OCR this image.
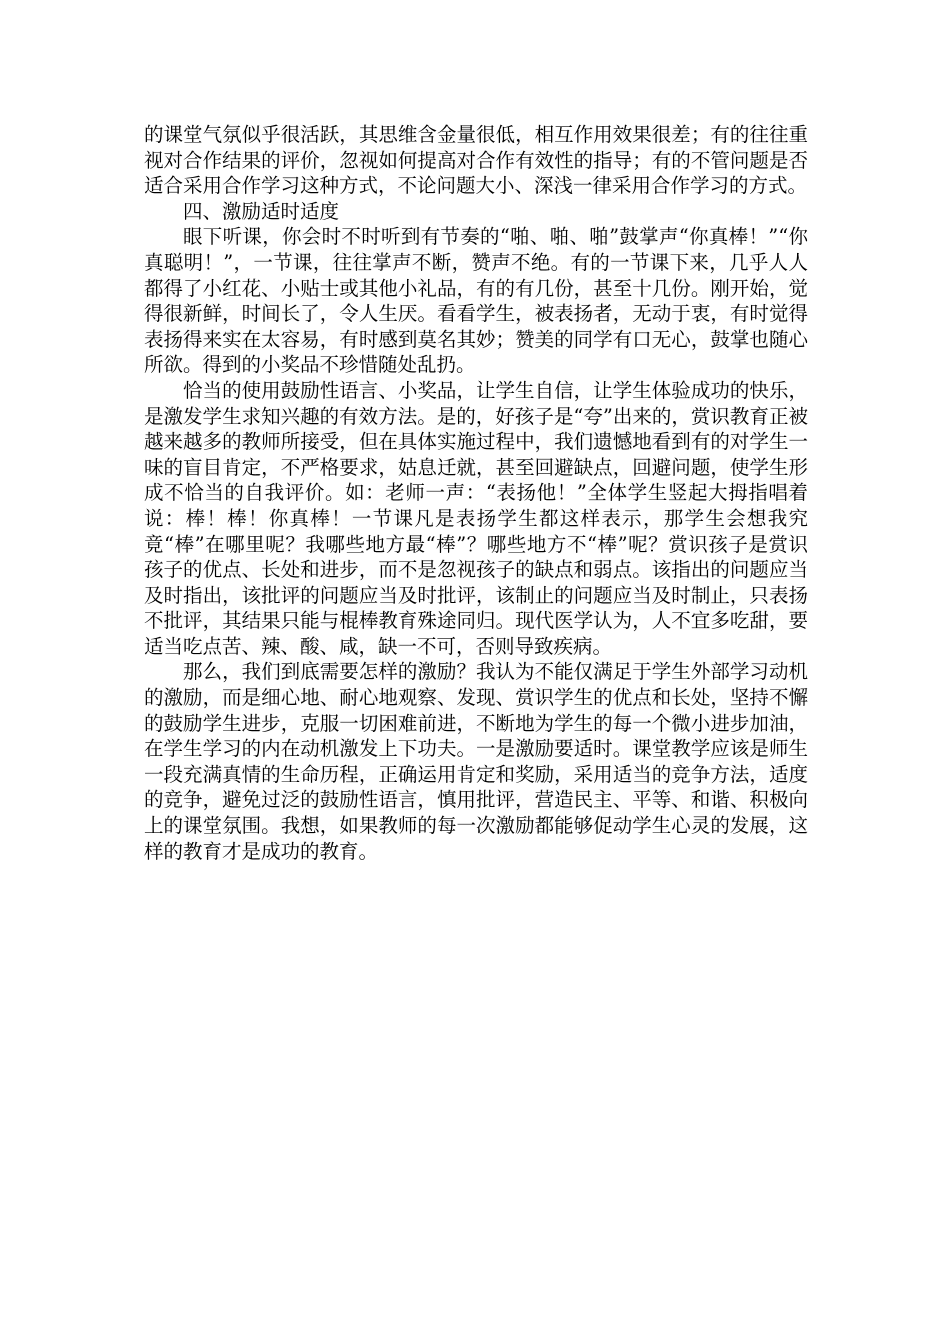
的课堂气氛似乎很活跃，其思维含金量很低，相互作用效果很差；有的往往重视对合作结果的评价，忽视如何提高对合作有效性的指导；有的不管问题是否适合采用合作学习这种方式，不论问题大小、深浅一律采用合作学习的方式。

四、激励适时适度

眼下听课，你会时不时听到有节奏的“啪、啪、啪”鼓掌声“你真棒！”“你真聪明！”，一节课，往往掌声不断，赞声不绝。有的一节课下来，几乎人人都得了小红花、小贴士或其他小礼品，有的有几份，甚至十几份。刚开始，觉得很新鲜，时间长了，令人生厌。看看学生，被表扬者，无动于衷，有时觉得表扬得来实在太容易，有时感到莫名其妙；赞美的同学有口无心，鼓掌也随心所欲。得到的小奖品不珍惜随处乱扔。

恰当的使用鼓励性语言、小奖品，让学生自信，让学生体验成功的快乐，是激发学生求知兴趣的有效方法。是的，好孩子是“夸”出来的，赏识教育正被越来越多的教师所接受，但在具体实施过程中，我们遗憾地看到有的对学生一味的盲目肯定，不严格要求，姑息迁就，甚至回避缺点，回避问题，使学生形成不恰当的自我评价。如：老师一声：“表扬他！”全体学生竖起大拇指唱着说：棒！棒！你真棒！一节课凡是表扬学生都这样表示，那学生会想我究竟“棒”在哪里呢？我哪些地方最“棒”？哪些地方不“棒”呢？赏识孩子是赏识孩子的优点、长处和进步，而不是忽视孩子的缺点和弱点。该指出的问题应当及时指出，该批评的问题应当及时批评，该制止的问题应当及时制止，只表扬不批评，其结果只能与棍棒教育殊途同归。现代医学认为，人不宜多吃甜，要适当吃点苦、辣、酸、咸，缺一不可，否则导致疾病。

那么，我们到底需要怎样的激励？我认为不能仅满足于学生外部学习动机的激励，而是细心地、耐心地观察、发现、赏识学生的优点和长处，坚持不懈的鼓励学生进步，克服一切困难前进，不断地为学生的每一个微小进步加油，在学生学习的内在动机激发上下功夫。一是激励要适时。课堂教学应该是师生一段充满真情的生命历程，正确运用肯定和奖励，采用适当的竞争方法，适度的竞争，避免过泛的鼓励性语言，慎用批评，营造民主、平等、和谐、积极向上的课堂氛围。我想，如果教师的每一次激励都能够促动学生心灵的发展，这样的教育才是成功的教育。
